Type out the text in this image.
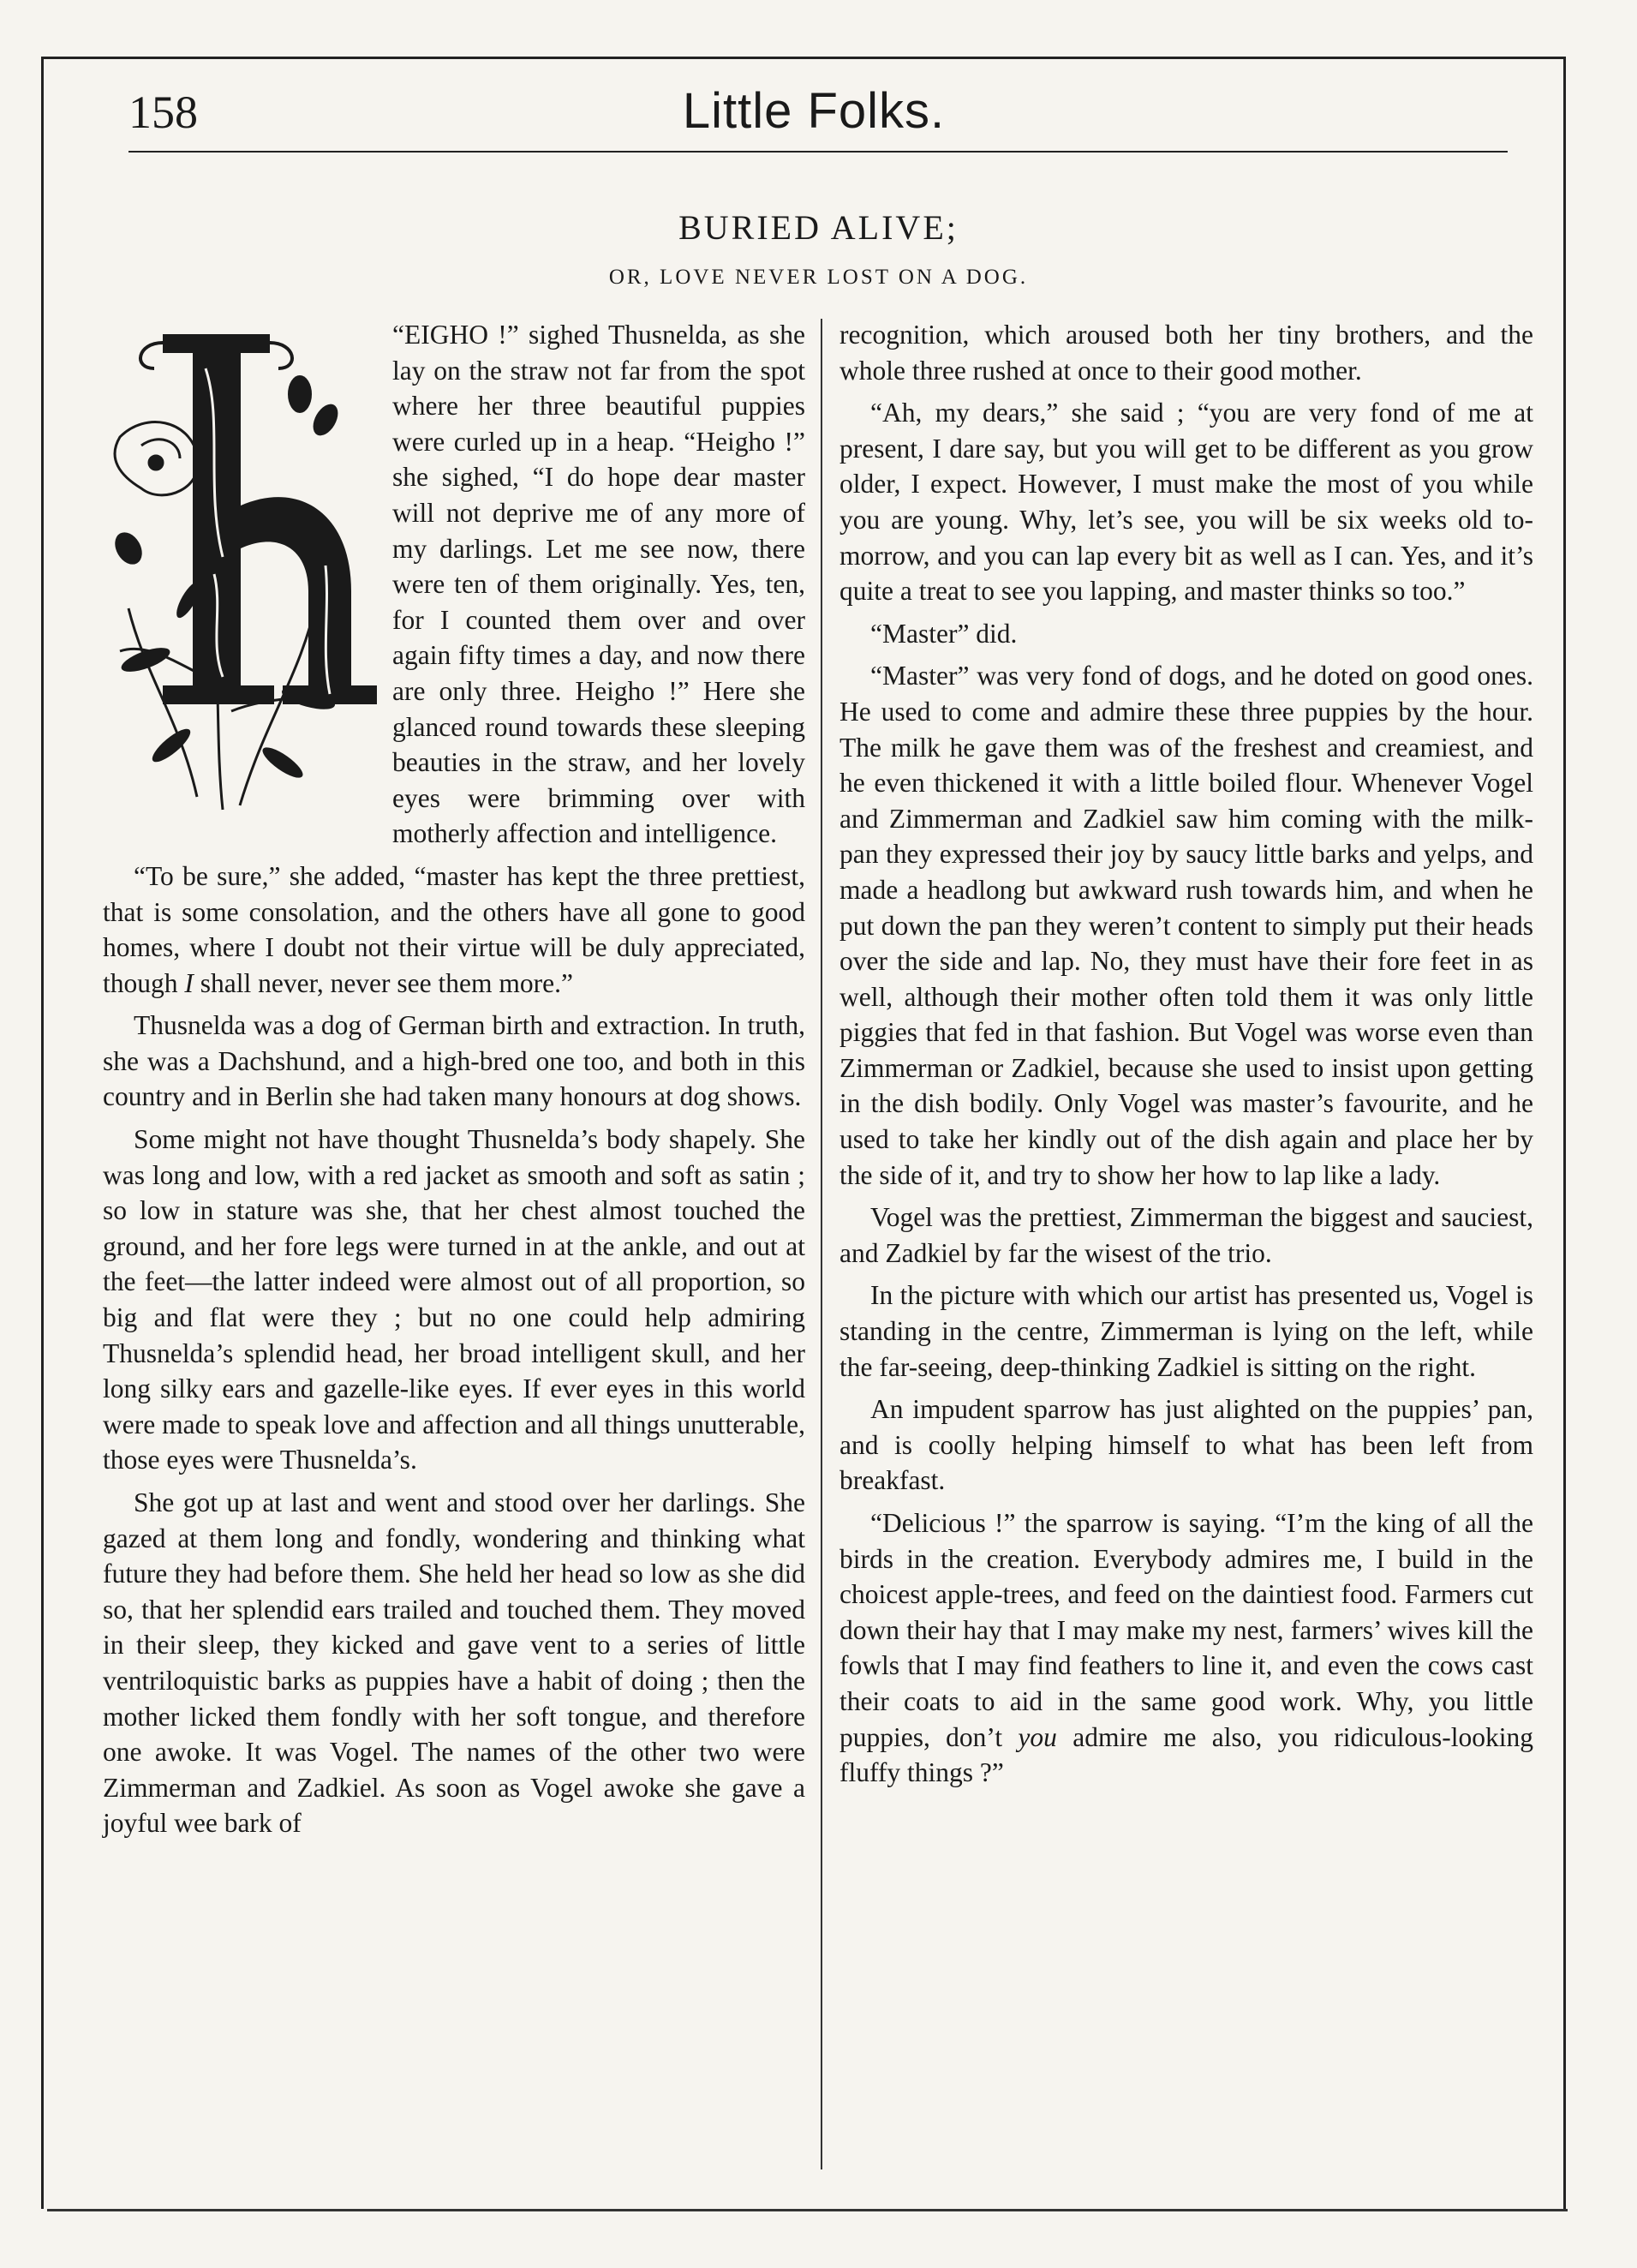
158	Little Folks.
BURIED ALIVE;
OR, LOVE NEVER LOST ON A DOG.

“EIGHO !” sighed Thusnelda, as she lay on the straw not far from the spot where her three beautiful puppies were curled up in a heap. “Heigho !” she sighed, “I do hope dear master will not deprive me of any more of my darlings. Let me see now, there were ten of them originally. Yes, ten, for I counted them over and over again fifty times a day, and now there are only three. Heigho !” Here she glanced round towards these sleeping beauties in the straw, and her lovely eyes were brimming over with motherly affection and intelligence.

“To be sure,” she added, “master has kept the three prettiest, that is some consolation, and the others have all gone to good homes, where I doubt not their virtue will be duly appreciated, though I shall never, never see them more.”

Thusnelda was a dog of German birth and extraction. In truth, she was a Dachshund, and a high-bred one too, and both in this country and in Berlin she had taken many honours at dog shows.

Some might not have thought Thusnelda’s body shapely. She was long and low, with a red jacket as smooth and soft as satin ; so low in stature was she, that her chest almost touched the ground, and her fore legs were turned in at the ankle, and out at the feet—the latter indeed were almost out of all proportion, so big and flat were they ; but no one could help admiring Thusnelda’s splendid head, her broad intelligent skull, and her long silky ears and gazelle-like eyes. If ever eyes in this world were made to speak love and affection and all things unutterable, those eyes were Thusnelda’s.

She got up at last and went and stood over her darlings. She gazed at them long and fondly, wondering and thinking what future they had before them. She held her head so low as she did so, that her splendid ears trailed and touched them. They moved in their sleep, they kicked and gave vent to a series of little ventriloquistic barks as puppies have a habit of doing ; then the mother licked them fondly with her soft tongue, and therefore one awoke. It was Vogel. The names of the other two were Zimmerman and Zadkiel. As soon as Vogel awoke she gave a joyful wee bark of

recognition, which aroused both her tiny brothers, and the whole three rushed at once to their good mother.

“Ah, my dears,” she said ; “you are very fond of me at present, I dare say, but you will get to be different as you grow older, I expect. However, I must make the most of you while you are young. Why, let’s see, you will be six weeks old to-morrow, and you can lap every bit as well as I can. Yes, and it’s quite a treat to see you lapping, and master thinks so too.”

“Master” did.

“Master” was very fond of dogs, and he doted on good ones. He used to come and admire these three puppies by the hour. The milk he gave them was of the freshest and creamiest, and he even thickened it with a little boiled flour. Whenever Vogel and Zimmerman and Zadkiel saw him coming with the milk-pan they expressed their joy by saucy little barks and yelps, and made a headlong but awkward rush towards him, and when he put down the pan they weren’t content to simply put their heads over the side and lap. No, they must have their fore feet in as well, although their mother often told them it was only little piggies that fed in that fashion. But Vogel was worse even than Zimmerman or Zadkiel, because she used to insist upon getting in the dish bodily. Only Vogel was master’s favourite, and he used to take her kindly out of the dish again and place her by the side of it, and try to show her how to lap like a lady.

Vogel was the prettiest, Zimmerman the biggest and sauciest, and Zadkiel by far the wisest of the trio.

In the picture with which our artist has presented us, Vogel is standing in the centre, Zimmerman is lying on the left, while the far-seeing, deep-thinking Zadkiel is sitting on the right.

An impudent sparrow has just alighted on the puppies’ pan, and is coolly helping himself to what has been left from breakfast.

“Delicious !” the sparrow is saying. “I’m the king of all the birds in the creation. Everybody admires me, I build in the choicest apple-trees, and feed on the daintiest food. Farmers cut down their hay that I may make my nest, farmers’ wives kill the fowls that I may find feathers to line it, and even the cows cast their coats to aid in the same good work. Why, you little puppies, don’t you admire me also, you ridiculous-looking fluffy things ?”
